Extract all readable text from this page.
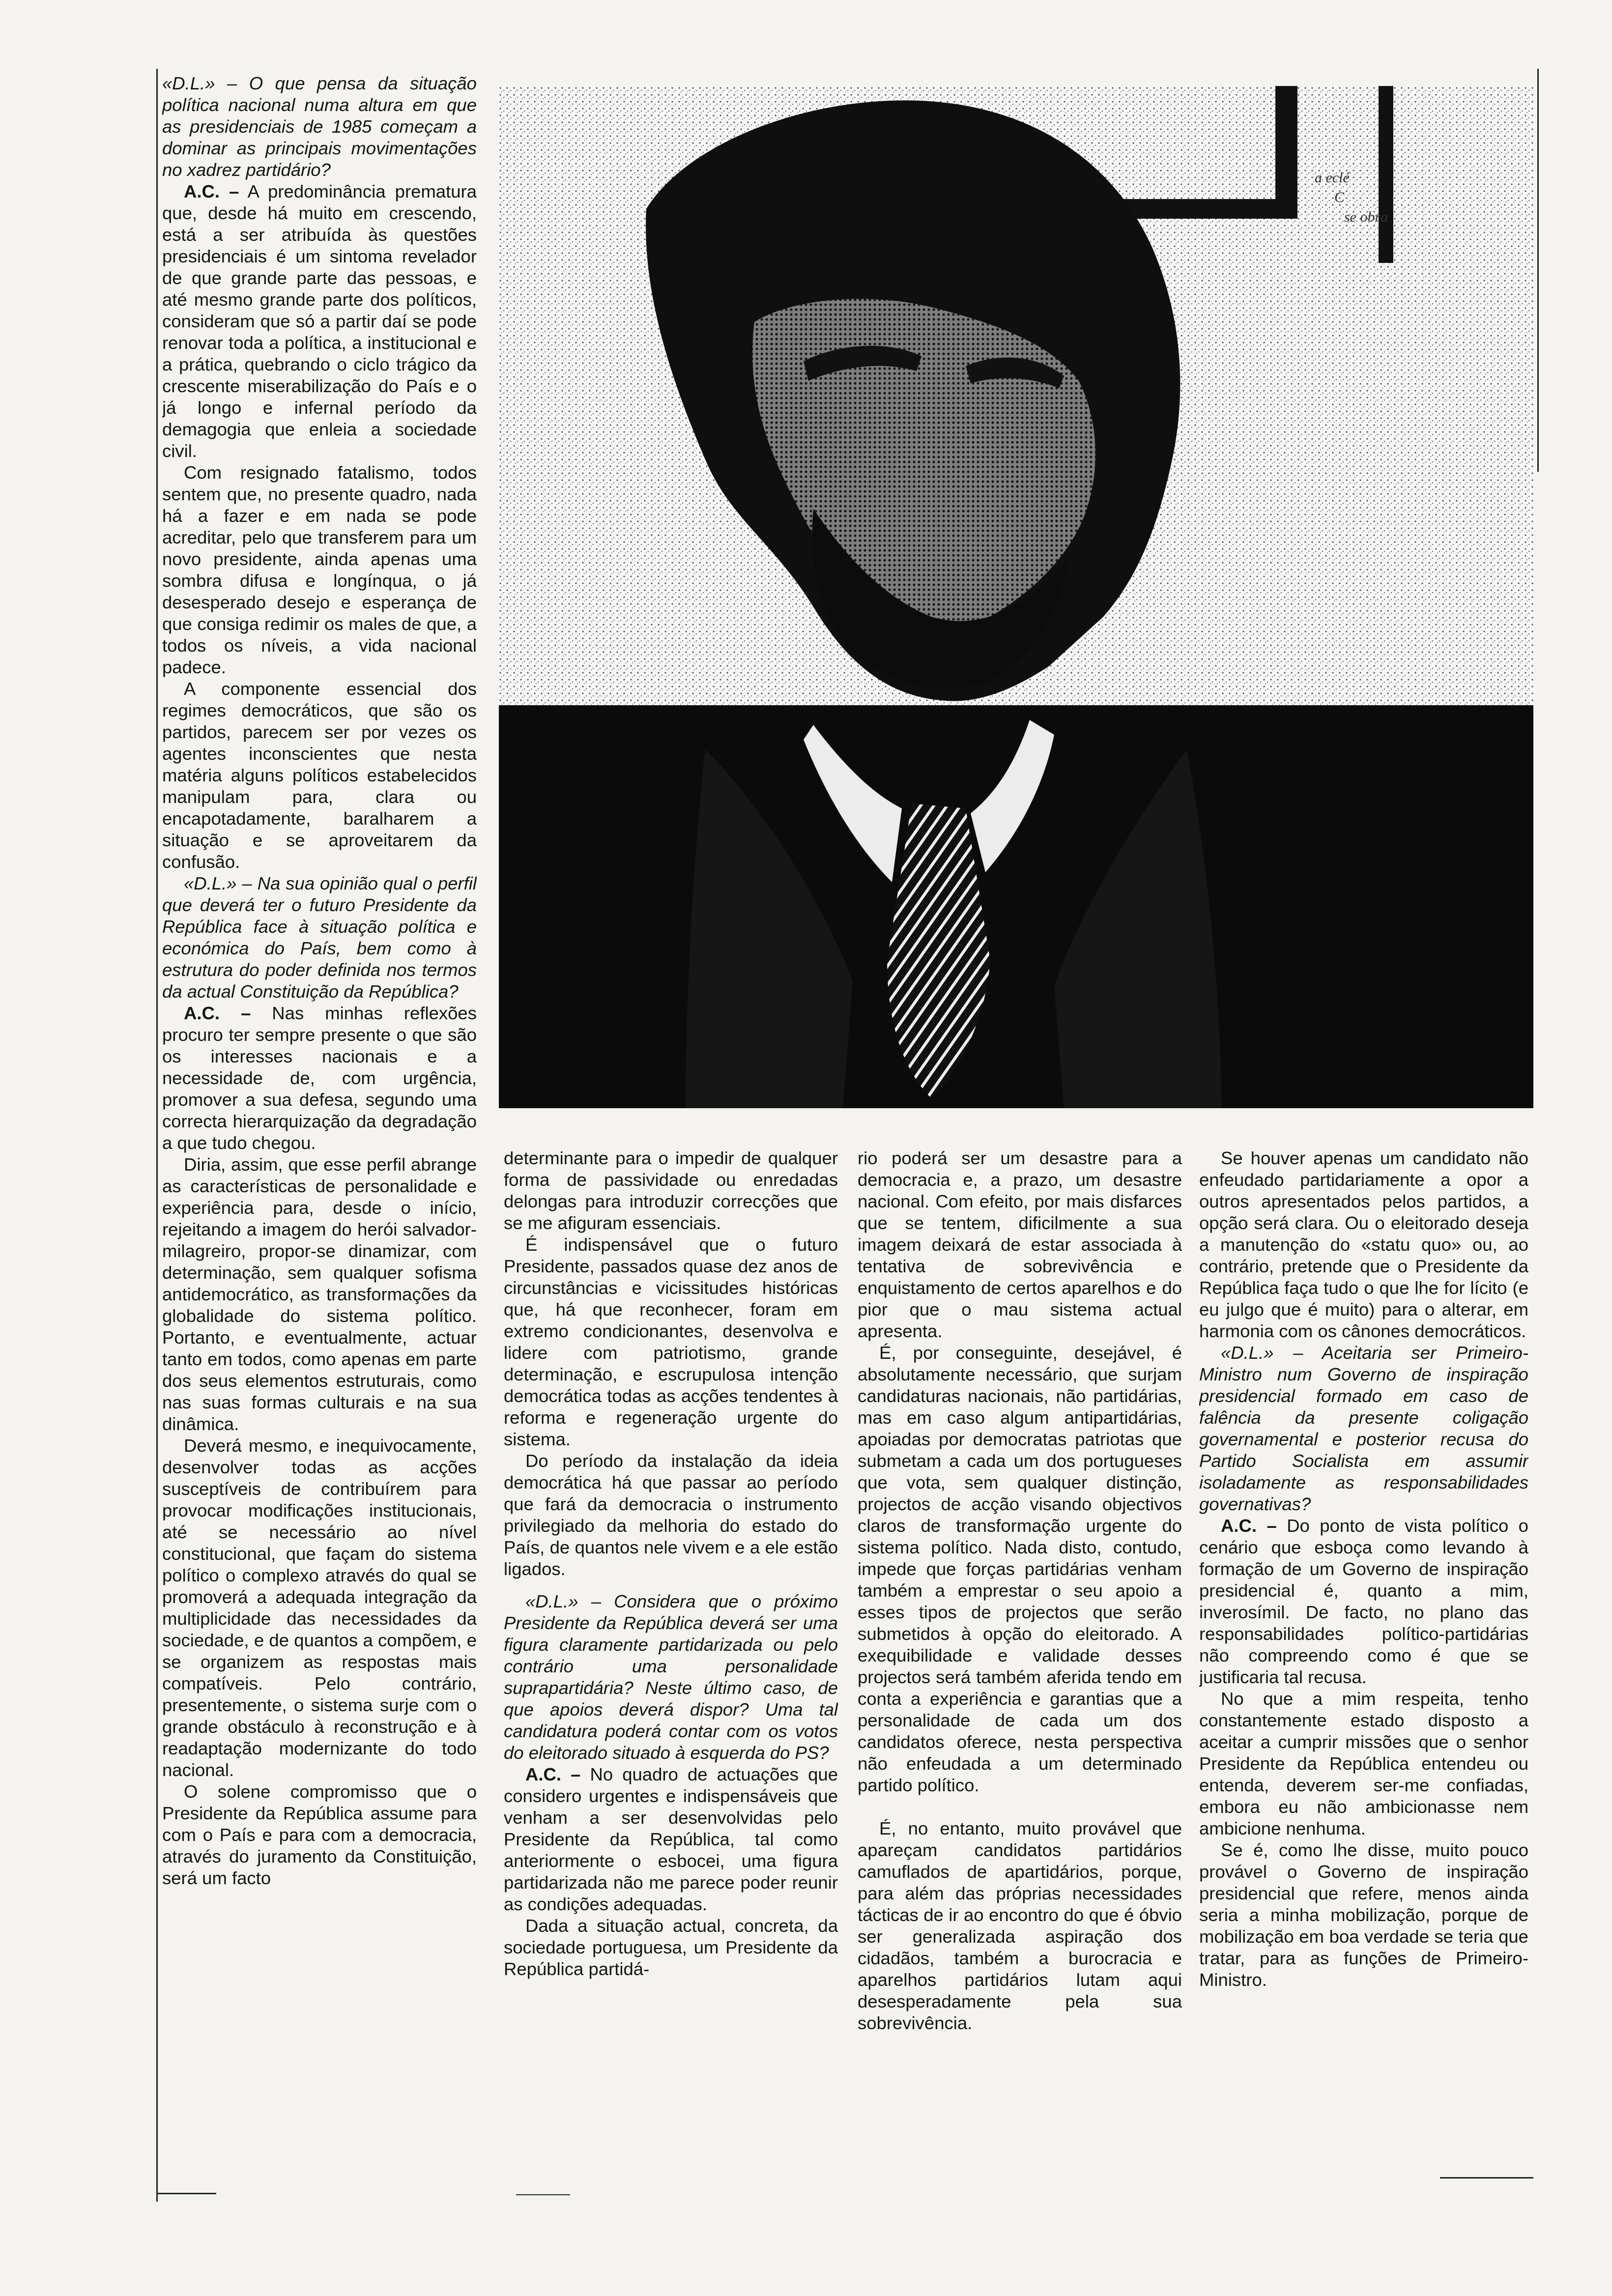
«D.L.» – O que pensa da situação política nacional numa altura em que as presidenciais de 1985 começam a dominar as principais movimentações no xadrez partidário?

A.C. – A predominância prematura que, desde há muito em crescendo, está a ser atribuída às questões presidenciais é um sintoma revelador de que grande parte das pessoas, e até mesmo grande parte dos políticos, consideram que só a partir daí se pode renovar toda a política, a institucional e a prática, quebrando o ciclo trágico da crescente miserabilização do País e o já longo e infernal período da demagogia que enleia a sociedade civil.

Com resignado fatalismo, todos sentem que, no presente quadro, nada há a fazer e em nada se pode acreditar, pelo que transferem para um novo presidente, ainda apenas uma sombra difusa e longínqua, o já desesperado desejo e esperança de que consiga redimir os males de que, a todos os níveis, a vida nacional padece.

A componente essencial dos regimes democráticos, que são os partidos, parecem ser por vezes os agentes inconscientes que nesta matéria alguns políticos estabelecidos manipulam para, clara ou encapotadamente, baralharem a situação e se aproveitarem da confusão.

«D.L.» – Na sua opinião qual o perfil que deverá ter o futuro Presidente da República face à situação política e económica do País, bem como à estrutura do poder definida nos termos da actual Constituição da República?

A.C. – Nas minhas reflexões procuro ter sempre presente o que são os interesses nacionais e a necessidade de, com urgência, promover a sua defesa, segundo uma correcta hierarquização da degradação a que tudo chegou.

Diria, assim, que esse perfil abrange as características de personalidade e experiência para, desde o início, rejeitando a imagem do herói salvador-milagreiro, propor-se dinamizar, com determinação, sem qualquer sofisma antidemocrático, as transformações da globalidade do sistema político. Portanto, e eventualmente, actuar tanto em todos, como apenas em parte dos seus elementos estruturais, como nas suas formas culturais e na sua dinâmica.

Deverá mesmo, e inequivocamente, desenvolver todas as acções susceptíveis de contribuírem para provocar modificações institucionais, até se necessário ao nível constitucional, que façam do sistema político o complexo através do qual se promoverá a adequada integração da multiplicidade das necessidades da sociedade, e de quantos a compõem, e se organizem as respostas mais compatíveis. Pelo contrário, presentemente, o sistema surje com o grande obstáculo à reconstrução e à readaptação modernizante do todo nacional.

O solene compromisso que o Presidente da República assume para com o País e para com a democracia, através do juramento da Constituição, será um facto

a eclé
C
se obra

determinante para o impedir de qualquer forma de passividade ou enredadas delongas para introduzir correcções que se me afiguram essenciais.

É indispensável que o futuro Presidente, passados quase dez anos de circunstâncias e vicissitudes históricas que, há que reconhecer, foram em extremo condicionantes, desenvolva e lidere com patriotismo, grande determinação, e escrupulosa intenção democrática todas as acções tendentes à reforma e regeneração urgente do sistema.

Do período da instalação da ideia democrática há que passar ao período que fará da democracia o instrumento privilegiado da melhoria do estado do País, de quantos nele vivem e a ele estão ligados.

«D.L.» – Considera que o próximo Presidente da República deverá ser uma figura claramente partidarizada ou pelo contrário uma personalidade suprapartidária? Neste último caso, de que apoios deverá dispor? Uma tal candidatura poderá contar com os votos do eleitorado situado à esquerda do PS?

A.C. – No quadro de actuações que considero urgentes e indispensáveis que venham a ser desenvolvidas pelo Presidente da República, tal como anteriormente o esbocei, uma figura partidarizada não me parece poder reunir as condições adequadas.

Dada a situação actual, concreta, da sociedade portuguesa, um Presidente da República partidá-

rio poderá ser um desastre para a democracia e, a prazo, um desastre nacional. Com efeito, por mais disfarces que se tentem, dificilmente a sua imagem deixará de estar associada à tentativa de sobrevivência e enquistamento de certos aparelhos e do pior que o mau sistema actual apresenta.

É, por conseguinte, desejável, é absolutamente necessário, que surjam candidaturas nacionais, não partidárias, mas em caso algum antipartidárias, apoiadas por democratas patriotas que submetam a cada um dos portugueses que vota, sem qualquer distinção, projectos de acção visando objectivos claros de transformação urgente do sistema político. Nada disto, contudo, impede que forças partidárias venham também a emprestar o seu apoio a esses tipos de projectos que serão submetidos à opção do eleitorado. A exequibilidade e validade desses projectos será também aferida tendo em conta a experiência e garantias que a personalidade de cada um dos candidatos oferece, nesta perspectiva não enfeudada a um determinado partido político.

É, no entanto, muito provável que apareçam candidatos partidários camuflados de apartidários, porque, para além das próprias necessidades tácticas de ir ao encontro do que é óbvio ser generalizada aspiração dos cidadãos, também a burocracia e aparelhos partidários lutam aqui desesperadamente pela sua sobrevivência.

Se houver apenas um candidato não enfeudado partidariamente a opor a outros apresentados pelos partidos, a opção será clara. Ou o eleitorado deseja a manutenção do «statu quo» ou, ao contrário, pretende que o Presidente da República faça tudo o que lhe for lícito (e eu julgo que é muito) para o alterar, em harmonia com os cânones democráticos.

«D.L.» – Aceitaria ser Primeiro-Ministro num Governo de inspiração presidencial formado em caso de falência da presente coligação governamental e posterior recusa do Partido Socialista em assumir isoladamente as responsabilidades governativas?

A.C. – Do ponto de vista político o cenário que esboça como levando à formação de um Governo de inspiração presidencial é, quanto a mim, inverosímil. De facto, no plano das responsabilidades político-partidárias não compreendo como é que se justificaria tal recusa.

No que a mim respeita, tenho constantemente estado disposto a aceitar a cumprir missões que o senhor Presidente da República entendeu ou entenda, deverem ser-me confiadas, embora eu não ambicionasse nem ambicione nenhuma.

Se é, como lhe disse, muito pouco provável o Governo de inspiração presidencial que refere, menos ainda seria a minha mobilização, porque de mobilização em boa verdade se teria que tratar, para as funções de Primeiro-Ministro.
